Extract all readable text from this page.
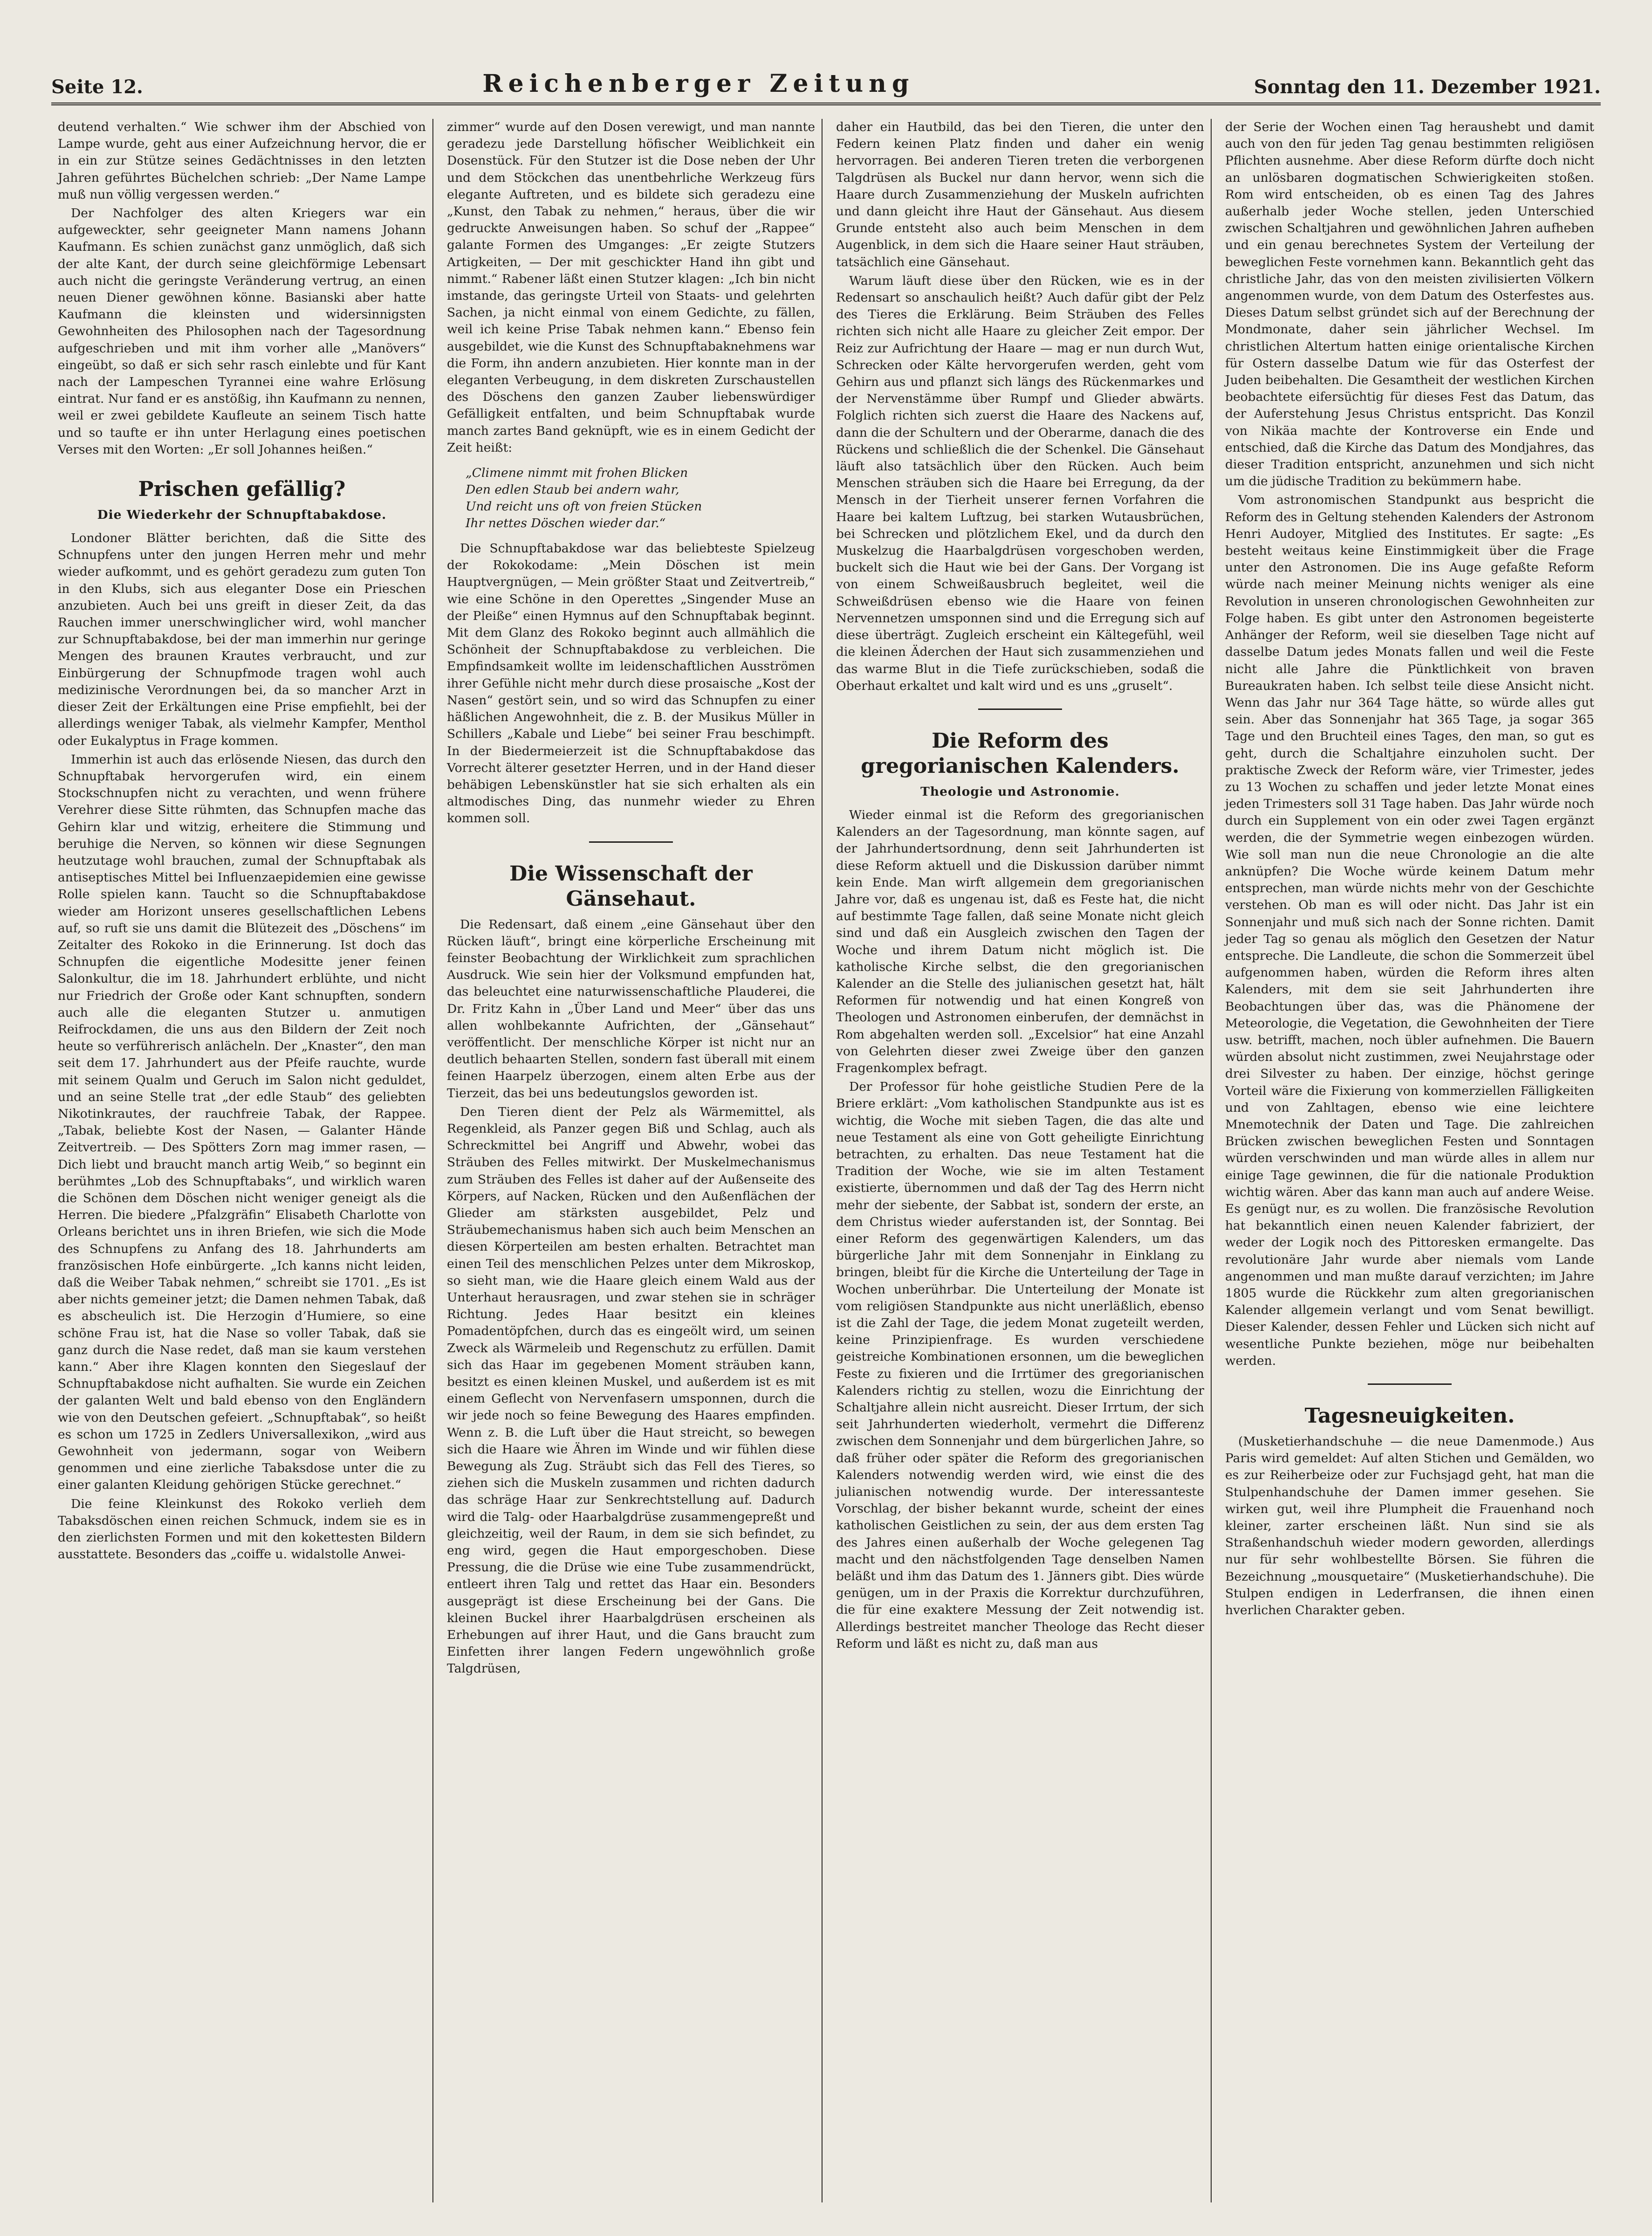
Seite 12.	Reichenberger Zeitung	Sonntag den 11. Dezember 1921.

deutend verhalten.“ Wie schwer ihm der Abschied von Lampe wurde, geht aus einer Aufzeichnung hervor, die er in ein zur Stütze seines Gedächtnisses in den letzten Jahren geführtes Büchelchen schrieb: „Der Name Lampe muß nun völlig vergessen werden.“

Der Nachfolger des alten Kriegers war ein aufgeweckter, sehr geeigneter Mann namens Johann Kaufmann. Es schien zunächst ganz unmöglich, daß sich der alte Kant, der durch seine gleichförmige Lebensart auch nicht die geringste Veränderung vertrug, an einen neuen Diener gewöhnen könne. Basianski aber hatte Kaufmann die kleinsten und widersinnigsten Gewohnheiten des Philosophen nach der Tagesordnung aufgeschrieben und mit ihm vorher alle „Manövers“ eingeübt, so daß er sich sehr rasch einlebte und für Kant nach der Lampeschen Tyrannei eine wahre Erlösung eintrat. Nur fand er es anstößig, ihn Kaufmann zu nennen, weil er zwei gebildete Kaufleute an seinem Tisch hatte und so taufte er ihn unter Herlagung eines poetischen Verses mit den Worten: „Er soll Johannes heißen.“

Prischen gefällig?
Die Wiederkehr der Schnupftabakdose.

Londoner Blätter berichten, daß die Sitte des Schnupfens unter den jungen Herren mehr und mehr wieder aufkommt, und es gehört geradezu zum guten Ton in den Klubs, sich aus eleganter Dose ein Prieschen anzubieten. Auch bei uns greift in dieser Zeit, da das Rauchen immer unerschwinglicher wird, wohl mancher zur Schnupftabakdose, bei der man immerhin nur geringe Mengen des braunen Krautes verbraucht, und zur Einbürgerung der Schnupfmode tragen wohl auch medizinische Verordnungen bei, da so mancher Arzt in dieser Zeit der Erkältungen eine Prise empfiehlt, bei der allerdings weniger Tabak, als vielmehr Kampfer, Menthol oder Eukalyptus in Frage kommen.

Immerhin ist auch das erlösende Niesen, das durch den Schnupftabak hervorgerufen wird, ein einem Stockschnupfen nicht zu verachten, und wenn frühere Verehrer diese Sitte rühmten, das Schnupfen mache das Gehirn klar und witzig, erheitere die Stimmung und beruhige die Nerven, so können wir diese Segnungen heutzutage wohl brauchen, zumal der Schnupftabak als antiseptisches Mittel bei Influenzaepidemien eine gewisse Rolle spielen kann. Taucht so die Schnupftabakdose wieder am Horizont unseres gesellschaftlichen Lebens auf, so ruft sie uns damit die Blütezeit des „Döschens“ im Zeitalter des Rokoko in die Erinnerung. Ist doch das Schnupfen die eigentliche Modesitte jener feinen Salonkultur, die im 18. Jahrhundert erblühte, und nicht nur Friedrich der Große oder Kant schnupften, sondern auch alle die eleganten Stutzer u. anmutigen Reifrockdamen, die uns aus den Bildern der Zeit noch heute so verführerisch anlächeln. Der „Knaster“, den man seit dem 17. Jahrhundert aus der Pfeife rauchte, wurde mit seinem Qualm und Geruch im Salon nicht geduldet, und an seine Stelle trat „der edle Staub“ des geliebten Nikotinkrautes, der rauchfreie Tabak, der Rappee. „Tabak, beliebte Kost der Nasen, — Galanter Hände Zeitvertreib. — Des Spötters Zorn mag immer rasen, — Dich liebt und braucht manch artig Weib,“ so beginnt ein berühmtes „Lob des Schnupftabaks“, und wirklich waren die Schönen dem Döschen nicht weniger geneigt als die Herren. Die biedere „Pfalzgräfin“ Elisabeth Charlotte von Orleans berichtet uns in ihren Briefen, wie sich die Mode des Schnupfens zu Anfang des 18. Jahrhunderts am französischen Hofe einbürgerte. „Ich kanns nicht leiden, daß die Weiber Tabak nehmen,“ schreibt sie 1701. „Es ist aber nichts gemeiner jetzt; die Damen nehmen Tabak, daß es abscheulich ist. Die Herzogin d’Humiere, so eine schöne Frau ist, hat die Nase so voller Tabak, daß sie ganz durch die Nase redet, daß man sie kaum verstehen kann.“ Aber ihre Klagen konnten den Siegeslauf der Schnupftabakdose nicht aufhalten. Sie wurde ein Zeichen der galanten Welt und bald ebenso von den Engländern wie von den Deutschen gefeiert. „Schnupftabak“, so heißt es schon um 1725 in Zedlers Universallexikon, „wird aus Gewohnheit von jedermann, sogar von Weibern genommen und eine zierliche Tabaksdose unter die zu einer galanten Kleidung gehörigen Stücke gerechnet.“

Die feine Kleinkunst des Rokoko verlieh dem Tabaksdöschen einen reichen Schmuck, indem sie es in den zierlichsten Formen und mit den kokettesten Bildern ausstattete. Besonders das „coiffe u. widalstolle Anwei-

zimmer“ wurde auf den Dosen verewigt, und man nannte geradezu jede Darstellung höfischer Weiblichkeit ein Dosenstück. Für den Stutzer ist die Dose neben der Uhr und dem Stöckchen das unentbehrliche Werkzeug fürs elegante Auftreten, und es bildete sich geradezu eine „Kunst, den Tabak zu nehmen,“ heraus, über die wir gedruckte Anweisungen haben. So schuf der „Rappee“ galante Formen des Umganges: „Er zeigte Stutzers Artigkeiten, — Der mit geschickter Hand ihn gibt und nimmt.“ Rabener läßt einen Stutzer klagen: „Ich bin nicht imstande, das geringste Urteil von Staats- und gelehrten Sachen, ja nicht einmal von einem Gedichte, zu fällen, weil ich keine Prise Tabak nehmen kann.“ Ebenso fein ausgebildet, wie die Kunst des Schnupftabaknehmens war die Form, ihn andern anzubieten. Hier konnte man in der eleganten Verbeugung, in dem diskreten Zurschaustellen des Döschens den ganzen Zauber liebenswürdiger Gefälligkeit entfalten, und beim Schnupftabak wurde manch zartes Band geknüpft, wie es in einem Gedicht der Zeit heißt:

„Climene nimmt mit frohen Blicken
Den edlen Staub bei andern wahr,
Und reicht uns oft von freien Stücken
Ihr nettes Döschen wieder dar.“

Die Schnupftabakdose war das beliebteste Spielzeug der Rokokodame: „Mein Döschen ist mein Hauptvergnügen, — Mein größter Staat und Zeitvertreib,“ wie eine Schöne in den Operettes „Singender Muse an der Pleiße“ einen Hymnus auf den Schnupftabak beginnt. Mit dem Glanz des Rokoko beginnt auch allmählich die Schönheit der Schnupftabakdose zu verbleichen. Die Empfindsamkeit wollte im leidenschaftlichen Ausströmen ihrer Gefühle nicht mehr durch diese prosaische „Kost der Nasen“ gestört sein, und so wird das Schnupfen zu einer häßlichen Angewohnheit, die z. B. der Musikus Müller in Schillers „Kabale und Liebe“ bei seiner Frau beschimpft. In der Biedermeierzeit ist die Schnupftabakdose das Vorrecht älterer gesetzter Herren, und in der Hand dieser behäbigen Lebenskünstler hat sie sich erhalten als ein altmodisches Ding, das nunmehr wieder zu Ehren kommen soll.

Die Wissenschaft der Gänsehaut.

Die Redensart, daß einem „eine Gänsehaut über den Rücken läuft“, bringt eine körperliche Erscheinung mit feinster Beobachtung der Wirklichkeit zum sprachlichen Ausdruck. Wie sein hier der Volksmund empfunden hat, das beleuchtet eine naturwissenschaftliche Plauderei, die Dr. Fritz Kahn in „Über Land und Meer“ über das uns allen wohlbekannte Aufrichten, der „Gänsehaut“ veröffentlicht. Der menschliche Körper ist nicht nur an deutlich behaarten Stellen, sondern fast überall mit einem feinen Haarpelz überzogen, einem alten Erbe aus der Tierzeit, das bei uns bedeutungslos geworden ist.

Den Tieren dient der Pelz als Wärmemittel, als Regenkleid, als Panzer gegen Biß und Schlag, auch als Schreckmittel bei Angriff und Abwehr, wobei das Sträuben des Felles mitwirkt. Der Muskelmechanismus zum Sträuben des Felles ist daher auf der Außenseite des Körpers, auf Nacken, Rücken und den Außenflächen der Glieder am stärksten ausgebildet, Pelz und Sträubemechanismus haben sich auch beim Menschen an diesen Körperteilen am besten erhalten. Betrachtet man einen Teil des menschlichen Pelzes unter dem Mikroskop, so sieht man, wie die Haare gleich einem Wald aus der Unterhaut herausragen, und zwar stehen sie in schräger Richtung. Jedes Haar besitzt ein kleines Pomadentöpfchen, durch das es eingeölt wird, um seinen Zweck als Wärmeleib und Regenschutz zu erfüllen. Damit sich das Haar im gegebenen Moment sträuben kann, besitzt es einen kleinen Muskel, und außerdem ist es mit einem Geflecht von Nervenfasern umsponnen, durch die wir jede noch so feine Bewegung des Haares empfinden. Wenn z. B. die Luft über die Haut streicht, so bewegen sich die Haare wie Ähren im Winde und wir fühlen diese Bewegung als Zug. Sträubt sich das Fell des Tieres, so ziehen sich die Muskeln zusammen und richten dadurch das schräge Haar zur Senkrechtstellung auf. Dadurch wird die Talg- oder Haarbalgdrüse zusammengepreßt und gleichzeitig, weil der Raum, in dem sie sich befindet, zu eng wird, gegen die Haut emporgeschoben. Diese Pressung, die die Drüse wie eine Tube zusammendrückt, entleert ihren Talg und rettet das Haar ein. Besonders ausgeprägt ist diese Erscheinung bei der Gans. Die kleinen Buckel ihrer Haarbalgdrüsen erscheinen als Erhebungen auf ihrer Haut, und die Gans braucht zum Einfetten ihrer langen Federn ungewöhnlich große Talgdrüsen,

daher ein Hautbild, das bei den Tieren, die unter den Federn keinen Platz finden und daher ein wenig hervorragen. Bei anderen Tieren treten die verborgenen Talgdrüsen als Buckel nur dann hervor, wenn sich die Haare durch Zusammenziehung der Muskeln aufrichten und dann gleicht ihre Haut der Gänsehaut. Aus diesem Grunde entsteht also auch beim Menschen in dem Augenblick, in dem sich die Haare seiner Haut sträuben, tatsächlich eine Gänsehaut.

Warum läuft diese über den Rücken, wie es in der Redensart so anschaulich heißt? Auch dafür gibt der Pelz des Tieres die Erklärung. Beim Sträuben des Felles richten sich nicht alle Haare zu gleicher Zeit empor. Der Reiz zur Aufrichtung der Haare — mag er nun durch Wut, Schrecken oder Kälte hervorgerufen werden, geht vom Gehirn aus und pflanzt sich längs des Rückenmarkes und der Nervenstämme über Rumpf und Glieder abwärts. Folglich richten sich zuerst die Haare des Nackens auf, dann die der Schultern und der Oberarme, danach die des Rückens und schließlich die der Schenkel. Die Gänsehaut läuft also tatsächlich über den Rücken. Auch beim Menschen sträuben sich die Haare bei Erregung, da der Mensch in der Tierheit unserer fernen Vorfahren die Haare bei kaltem Luftzug, bei starken Wutausbrüchen, bei Schrecken und plötzlichem Ekel, und da durch den Muskelzug die Haarbalgdrüsen vorgeschoben werden, buckelt sich die Haut wie bei der Gans. Der Vorgang ist von einem Schweißausbruch begleitet, weil die Schweißdrüsen ebenso wie die Haare von feinen Nervennetzen umsponnen sind und die Erregung sich auf diese überträgt. Zugleich erscheint ein Kältegefühl, weil die kleinen Äderchen der Haut sich zusammenziehen und das warme Blut in die Tiefe zurückschieben, sodaß die Oberhaut erkaltet und kalt wird und es uns „gruselt“.

Die Reform des gregorianischen Kalenders.
Theologie und Astronomie.

Wieder einmal ist die Reform des gregorianischen Kalenders an der Tagesordnung, man könnte sagen, auf der Jahrhundertsordnung, denn seit Jahrhunderten ist diese Reform aktuell und die Diskussion darüber nimmt kein Ende. Man wirft allgemein dem gregorianischen Jahre vor, daß es ungenau ist, daß es Feste hat, die nicht auf bestimmte Tage fallen, daß seine Monate nicht gleich sind und daß ein Ausgleich zwischen den Tagen der Woche und ihrem Datum nicht möglich ist. Die katholische Kirche selbst, die den gregorianischen Kalender an die Stelle des julianischen gesetzt hat, hält Reformen für notwendig und hat einen Kongreß von Theologen und Astronomen einberufen, der demnächst in Rom abgehalten werden soll. „Excelsior“ hat eine Anzahl von Gelehrten dieser zwei Zweige über den ganzen Fragenkomplex befragt.

Der Professor für hohe geistliche Studien Pere de la Briere erklärt: „Vom katholischen Standpunkte aus ist es wichtig, die Woche mit sieben Tagen, die das alte und neue Testament als eine von Gott geheiligte Einrichtung betrachten, zu erhalten. Das neue Testament hat die Tradition der Woche, wie sie im alten Testament existierte, übernommen und daß der Tag des Herrn nicht mehr der siebente, der Sabbat ist, sondern der erste, an dem Christus wieder auferstanden ist, der Sonntag. Bei einer Reform des gegenwärtigen Kalenders, um das bürgerliche Jahr mit dem Sonnenjahr in Einklang zu bringen, bleibt für die Kirche die Unterteilung der Tage in Wochen unberührbar. Die Unterteilung der Monate ist vom religiösen Standpunkte aus nicht unerläßlich, ebenso ist die Zahl der Tage, die jedem Monat zugeteilt werden, keine Prinzipienfrage. Es wurden verschiedene geistreiche Kombinationen ersonnen, um die beweglichen Feste zu fixieren und die Irrtümer des gregorianischen Kalenders richtig zu stellen, wozu die Einrichtung der Schaltjahre allein nicht ausreicht. Dieser Irrtum, der sich seit Jahrhunderten wiederholt, vermehrt die Differenz zwischen dem Sonnenjahr und dem bürgerlichen Jahre, so daß früher oder später die Reform des gregorianischen Kalenders notwendig werden wird, wie einst die des julianischen notwendig wurde. Der interessanteste Vorschlag, der bisher bekannt wurde, scheint der eines katholischen Geistlichen zu sein, der aus dem ersten Tag des Jahres einen außerhalb der Woche gelegenen Tag macht und den nächstfolgenden Tage denselben Namen beläßt und ihm das Datum des 1. Jänners gibt. Dies würde genügen, um in der Praxis die Korrektur durchzuführen, die für eine exaktere Messung der Zeit notwendig ist. Allerdings bestreitet mancher Theologe das Recht dieser Reform und läßt es nicht zu, daß man aus

der Serie der Wochen einen Tag heraushebt und damit auch von den für jeden Tag genau bestimmten religiösen Pflichten ausnehme. Aber diese Reform dürfte doch nicht an unlösbaren dogmatischen Schwierigkeiten stoßen. Rom wird entscheiden, ob es einen Tag des Jahres außerhalb jeder Woche stellen, jeden Unterschied zwischen Schaltjahren und gewöhnlichen Jahren aufheben und ein genau berechnetes System der Verteilung der beweglichen Feste vornehmen kann. Bekanntlich geht das christliche Jahr, das von den meisten zivilisierten Völkern angenommen wurde, von dem Datum des Osterfestes aus. Dieses Datum selbst gründet sich auf der Berechnung der Mondmonate, daher sein jährlicher Wechsel. Im christlichen Altertum hatten einige orientalische Kirchen für Ostern dasselbe Datum wie für das Osterfest der Juden beibehalten. Die Gesamtheit der westlichen Kirchen beobachtete eifersüchtig für dieses Fest das Datum, das der Auferstehung Jesus Christus entspricht. Das Konzil von Nikäa machte der Kontroverse ein Ende und entschied, daß die Kirche das Datum des Mondjahres, das dieser Tradition entspricht, anzunehmen und sich nicht um die jüdische Tradition zu bekümmern habe.

Vom astronomischen Standpunkt aus bespricht die Reform des in Geltung stehenden Kalenders der Astronom Henri Audoyer, Mitglied des Institutes. Er sagte: „Es besteht weitaus keine Einstimmigkeit über die Frage unter den Astronomen. Die ins Auge gefaßte Reform würde nach meiner Meinung nichts weniger als eine Revolution in unseren chronologischen Gewohnheiten zur Folge haben. Es gibt unter den Astronomen begeisterte Anhänger der Reform, weil sie dieselben Tage nicht auf dasselbe Datum jedes Monats fallen und weil die Feste nicht alle Jahre die Pünktlichkeit von braven Bureaukraten haben. Ich selbst teile diese Ansicht nicht. Wenn das Jahr nur 364 Tage hätte, so würde alles gut sein. Aber das Sonnenjahr hat 365 Tage, ja sogar 365 Tage und den Bruchteil eines Tages, den man, so gut es geht, durch die Schaltjahre einzuholen sucht. Der praktische Zweck der Reform wäre, vier Trimester, jedes zu 13 Wochen zu schaffen und jeder letzte Monat eines jeden Trimesters soll 31 Tage haben. Das Jahr würde noch durch ein Supplement von ein oder zwei Tagen ergänzt werden, die der Symmetrie wegen einbezogen würden. Wie soll man nun die neue Chronologie an die alte anknüpfen? Die Woche würde keinem Datum mehr entsprechen, man würde nichts mehr von der Geschichte verstehen. Ob man es will oder nicht. Das Jahr ist ein Sonnenjahr und muß sich nach der Sonne richten. Damit jeder Tag so genau als möglich den Gesetzen der Natur entspreche. Die Landleute, die schon die Sommerzeit übel aufgenommen haben, würden die Reform ihres alten Kalenders, mit dem sie seit Jahrhunderten ihre Beobachtungen über das, was die Phänomene der Meteorologie, die Vegetation, die Gewohnheiten der Tiere usw. betrifft, machen, noch übler aufnehmen. Die Bauern würden absolut nicht zustimmen, zwei Neujahrstage oder drei Silvester zu haben. Der einzige, höchst geringe Vorteil wäre die Fixierung von kommerziellen Fälligkeiten und von Zahltagen, ebenso wie eine leichtere Mnemotechnik der Daten und Tage. Die zahlreichen Brücken zwischen beweglichen Festen und Sonntagen würden verschwinden und man würde alles in allem nur einige Tage gewinnen, die für die nationale Produktion wichtig wären. Aber das kann man auch auf andere Weise. Es genügt nur, es zu wollen. Die französische Revolution hat bekanntlich einen neuen Kalender fabriziert, der weder der Logik noch des Pittoresken ermangelte. Das revolutionäre Jahr wurde aber niemals vom Lande angenommen und man mußte darauf verzichten; im Jahre 1805 wurde die Rückkehr zum alten gregorianischen Kalender allgemein verlangt und vom Senat bewilligt. Dieser Kalender, dessen Fehler und Lücken sich nicht auf wesentliche Punkte beziehen, möge nur beibehalten werden.

Tagesneuigkeiten.

(Musketierhandschuhe — die neue Damenmode.) Aus Paris wird gemeldet: Auf alten Stichen und Gemälden, wo es zur Reiherbeize oder zur Fuchsjagd geht, hat man die Stulpenhandschuhe der Damen immer gesehen. Sie wirken gut, weil ihre Plumpheit die Frauenhand noch kleiner, zarter erscheinen läßt. Nun sind sie als Straßenhandschuh wieder modern geworden, allerdings nur für sehr wohlbestellte Börsen. Sie führen die Bezeichnung „mousquetaire“ (Musketierhandschuhe). Die Stulpen endigen in Lederfransen, die ihnen einen hverlichen Charakter geben.
